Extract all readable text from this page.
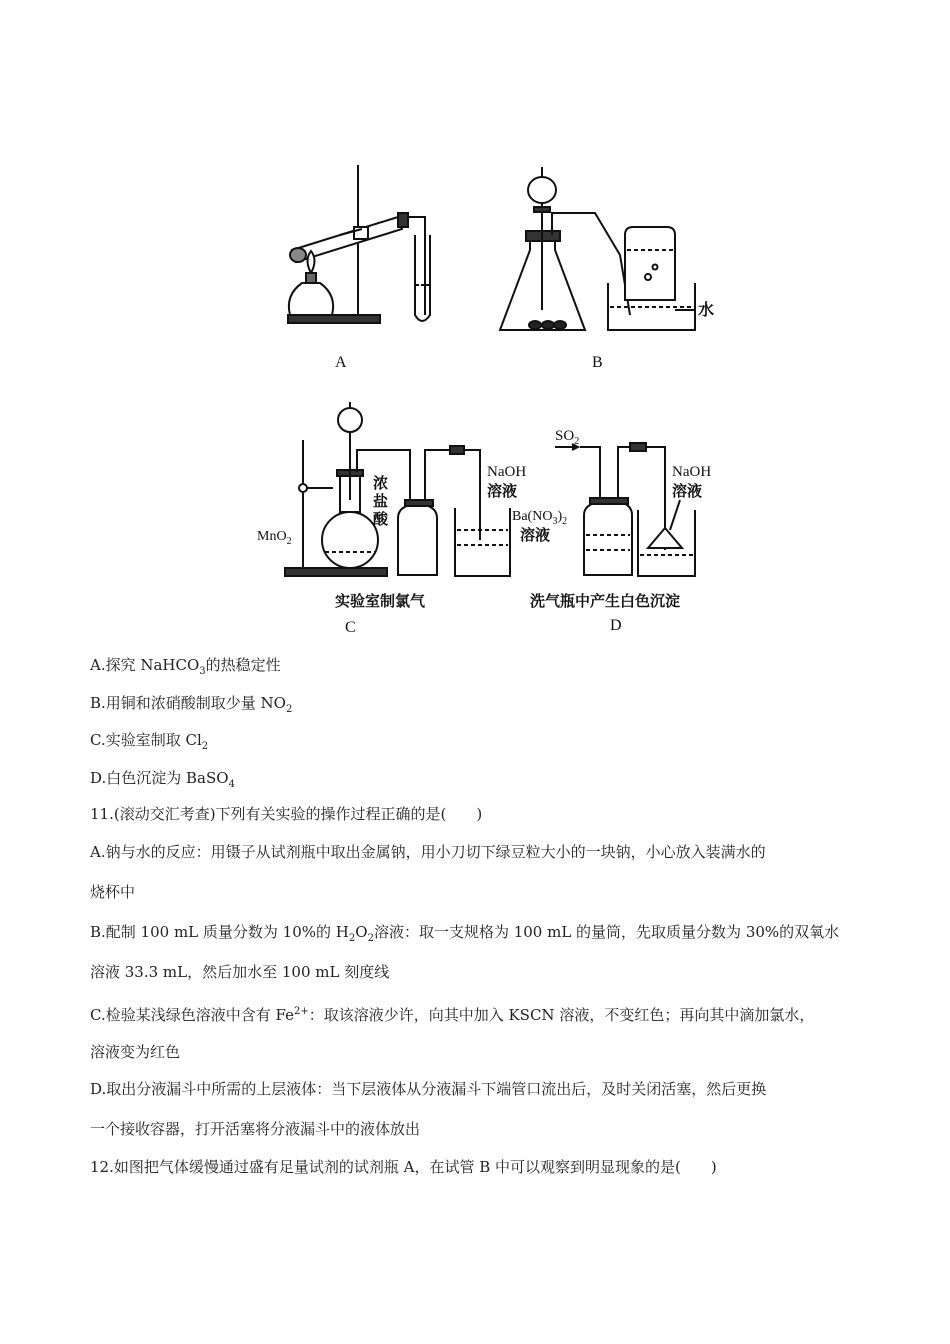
A
水
B
MnO$_2$
浓
盐
酸
NaOH
溶液
实验室制氯气
C
$SO_2$
$Ba(NO_3)_2$
溶液
NaOH
溶液
洗气瓶中产生白色沉淀
D
A.探究 NaHCO$_3$的热稳定性
B.用铜和浓硝酸制取少量 $NO_2$
C.实验室制取 $Cl_2$
D.白色沉淀为 BaSO$_4$
11.(滚动交汇考查)下列有关实验的操作过程正确的是(　　)
A.钠与水的反应：用镊子从试剂瓶中取出金属钠，用小刀切下绿豆粒大小的一块钠，小心放入装满水的
烧杯中
B.配制 100 mL 质量分数为 10%的 $H_2O_2$溶液：取一支规格为 100 mL 的量筒，先取质量分数为 30%的双氧水
溶液 33.3 mL，然后加水至 100 mL 刻度线
C.检验某浅绿色溶液中含有 $Fe^{2+}$：取该溶液少许，向其中加入 KSCN 溶液，不变红色；再向其中滴加氯水，
溶液变为红色
D.取出分液漏斗中所需的上层液体：当下层液体从分液漏斗下端管口流出后，及时关闭活塞，然后更换
一个接收容器，打开活塞将分液漏斗中的液体放出
12.如图把气体缓慢通过盛有足量试剂的试剂瓶 A，在试管 B 中可以观察到明显现象的是(　　)
